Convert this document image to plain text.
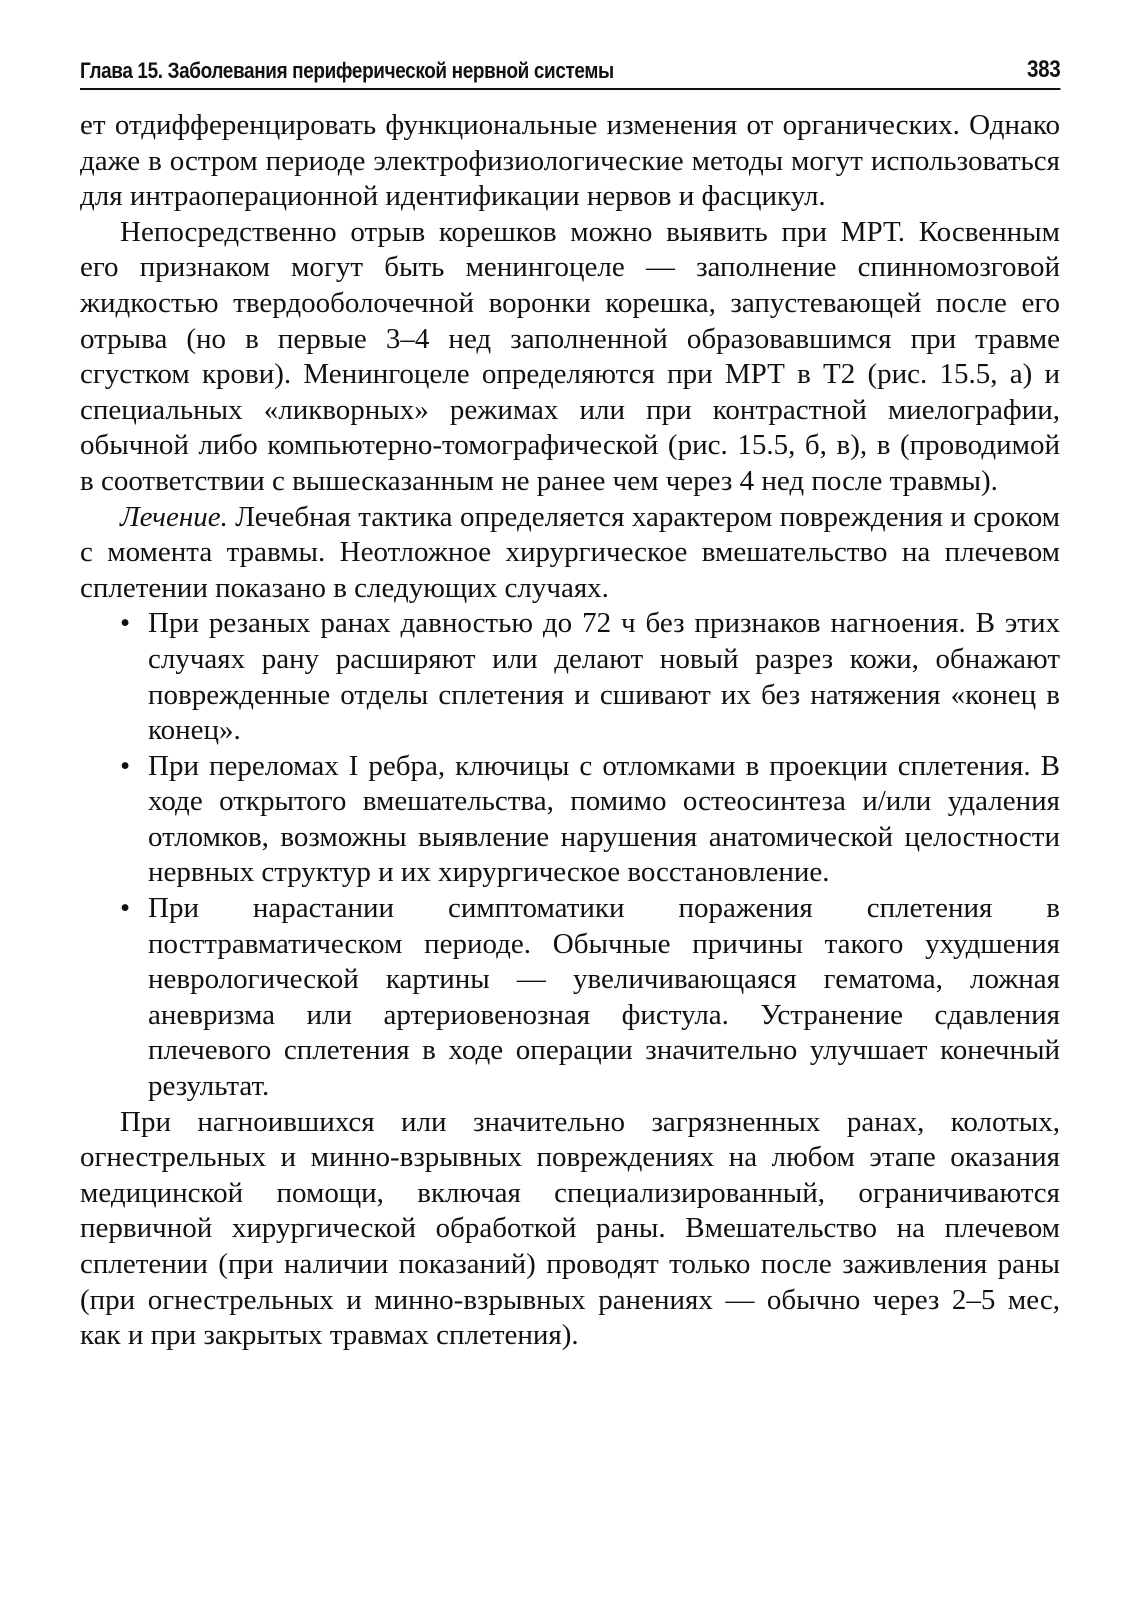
Глава 15. Заболевания периферической нервной системы	383

ет отдифференцировать функциональные изменения от органических. Однако даже в остром периоде электрофизиологические методы могут использоваться для интраоперационной идентификации нервов и фасцикул.

Непосредственно отрыв корешков можно выявить при МРТ. Косвенным его признаком могут быть менингоцеле — заполнение спинномозговой жидкостью твердооболочечной воронки корешка, запустевающей после его отрыва (но в первые 3–4 нед заполненной образовавшимся при травме сгустком крови). Менингоцеле определяются при МРТ в Т2 (рис. 15.5, а) и специальных «ликворных» режимах или при контрастной миелографии, обычной либо компьютерно-томографической (рис. 15.5, б, в), в (проводимой в соответствии с вышесказанным не ранее чем через 4 нед после травмы).

Лечение. Лечебная тактика определяется характером повреждения и сроком с момента травмы. Неотложное хирургическое вмешательство на плечевом сплетении показано в следующих случаях.

• При резаных ранах давностью до 72 ч без признаков нагноения. В этих случаях рану расширяют или делают новый разрез кожи, обнажают поврежденные отделы сплетения и сшивают их без натяжения «конец в конец».
• При переломах I ребра, ключицы с отломками в проекции сплетения. В ходе открытого вмешательства, помимо остеосинтеза и/или удаления отломков, возможны выявление нарушения анатомической целостности нервных структур и их хирургическое восстановление.
• При нарастании симптоматики поражения сплетения в посттравматическом периоде. Обычные причины такого ухудшения неврологической картины — увеличивающаяся гематома, ложная аневризма или артериовенозная фистула. Устранение сдавления плечевого сплетения в ходе операции значительно улучшает конечный результат.

При нагноившихся или значительно загрязненных ранах, колотых, огнестрельных и минно-взрывных повреждениях на любом этапе оказания медицинской помощи, включая специализированный, ограничиваются первичной хирургической обработкой раны. Вмешательство на плечевом сплетении (при наличии показаний) проводят только после заживления раны (при огнестрельных и минно-взрывных ранениях — обычно через 2–5 мес, как и при закрытых травмах сплетения).
